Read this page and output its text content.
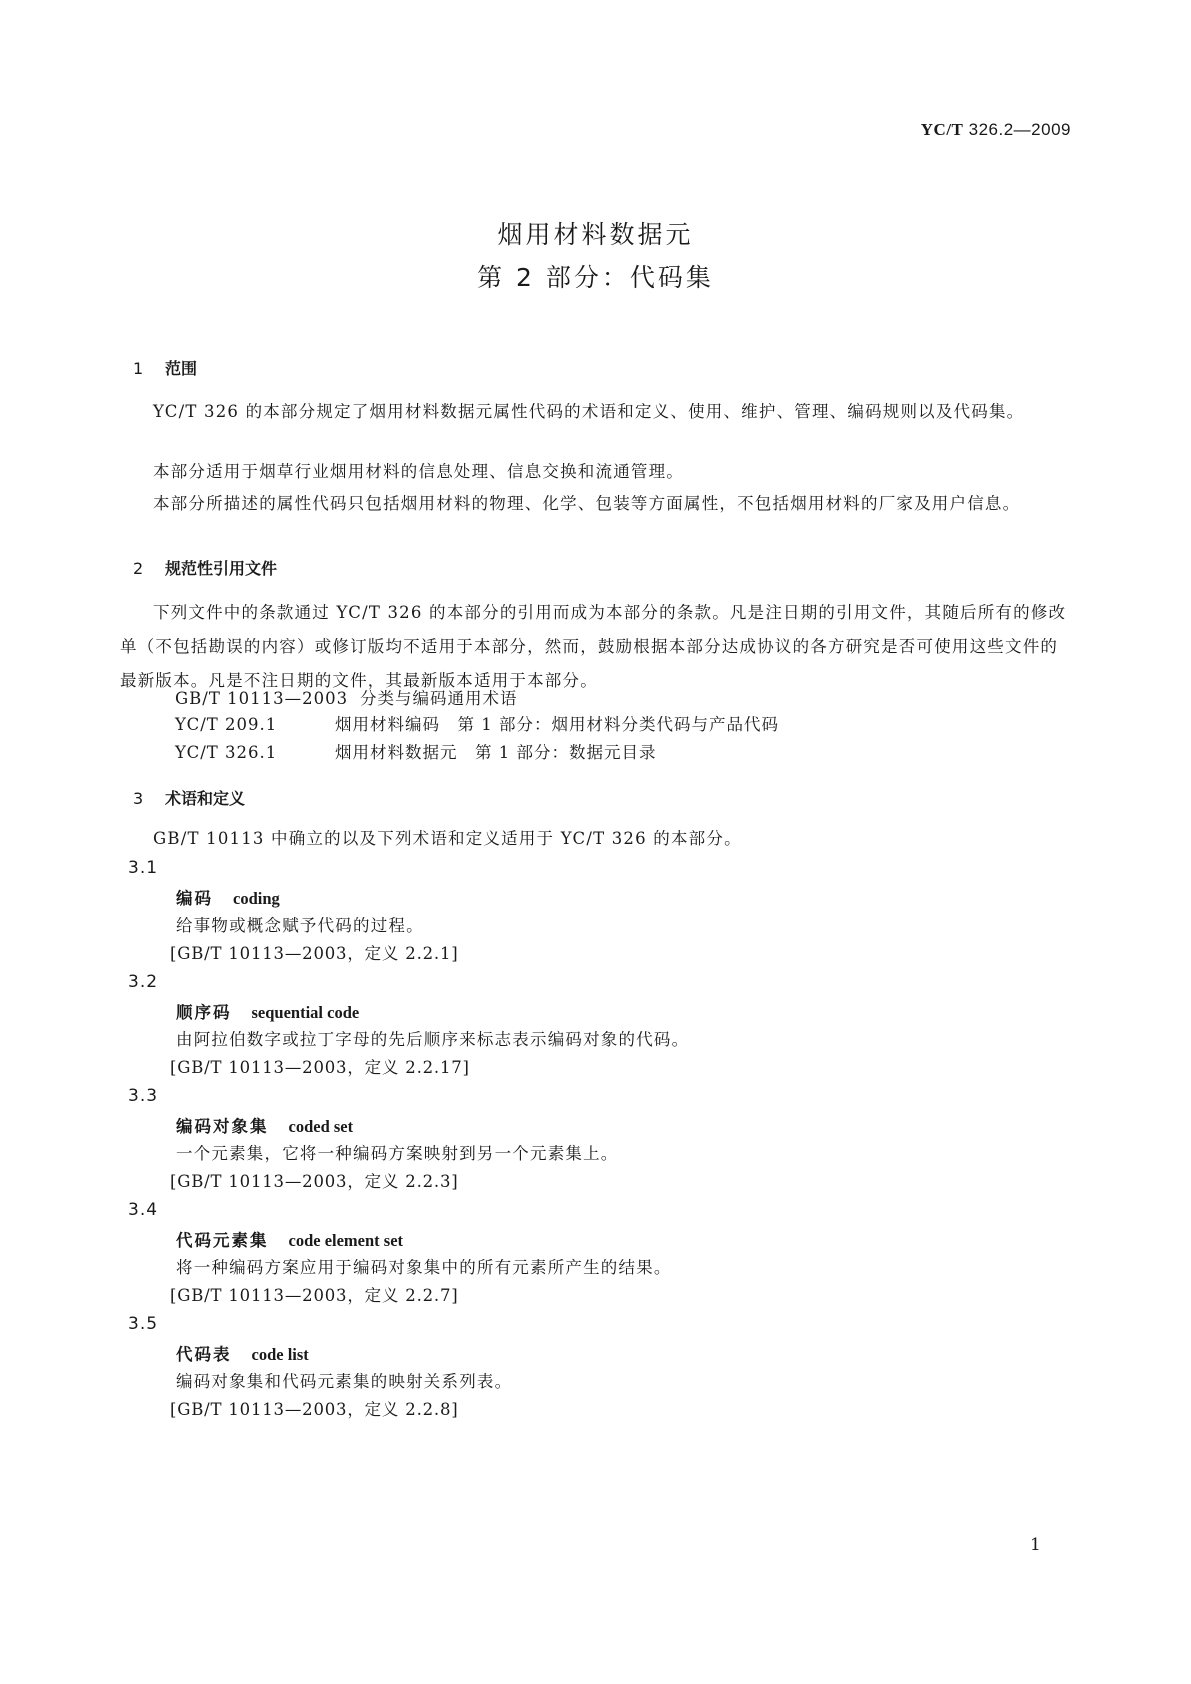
YC/T 326.2—2009
烟用材料数据元
第 2 部分：代码集
1 范围
YC/T 326 的本部分规定了烟用材料数据元属性代码的术语和定义、使用、维护、管理、编码规则以及代码集。
本部分适用于烟草行业烟用材料的信息处理、信息交换和流通管理。
本部分所描述的属性代码只包括烟用材料的物理、化学、包装等方面属性，不包括烟用材料的厂家及用户信息。
2 规范性引用文件
下列文件中的条款通过 YC/T 326 的本部分的引用而成为本部分的条款。凡是注日期的引用文件，其随后所有的修改单（不包括勘误的内容）或修订版均不适用于本部分，然而，鼓励根据本部分达成协议的各方研究是否可使用这些文件的最新版本。凡是不注日期的文件，其最新版本适用于本部分。
GB/T 10113—2003 分类与编码通用术语
YC/T 209.1	烟用材料编码　第 1 部分：烟用材料分类代码与产品代码
YC/T 326.1	烟用材料数据元　第 1 部分：数据元目录
3 术语和定义
GB/T 10113 中确立的以及下列术语和定义适用于 YC/T 326 的本部分。
3.1
编码 coding
给事物或概念赋予代码的过程。
[GB/T 10113—2003，定义 2.2.1]
3.2
顺序码 sequential code
由阿拉伯数字或拉丁字母的先后顺序来标志表示编码对象的代码。
[GB/T 10113—2003，定义 2.2.17]
3.3
编码对象集 coded set
一个元素集，它将一种编码方案映射到另一个元素集上。
[GB/T 10113—2003，定义 2.2.3]
3.4
代码元素集 code element set
将一种编码方案应用于编码对象集中的所有元素所产生的结果。
[GB/T 10113—2003，定义 2.2.7]
3.5
代码表 code list
编码对象集和代码元素集的映射关系列表。
[GB/T 10113—2003，定义 2.2.8]
1
